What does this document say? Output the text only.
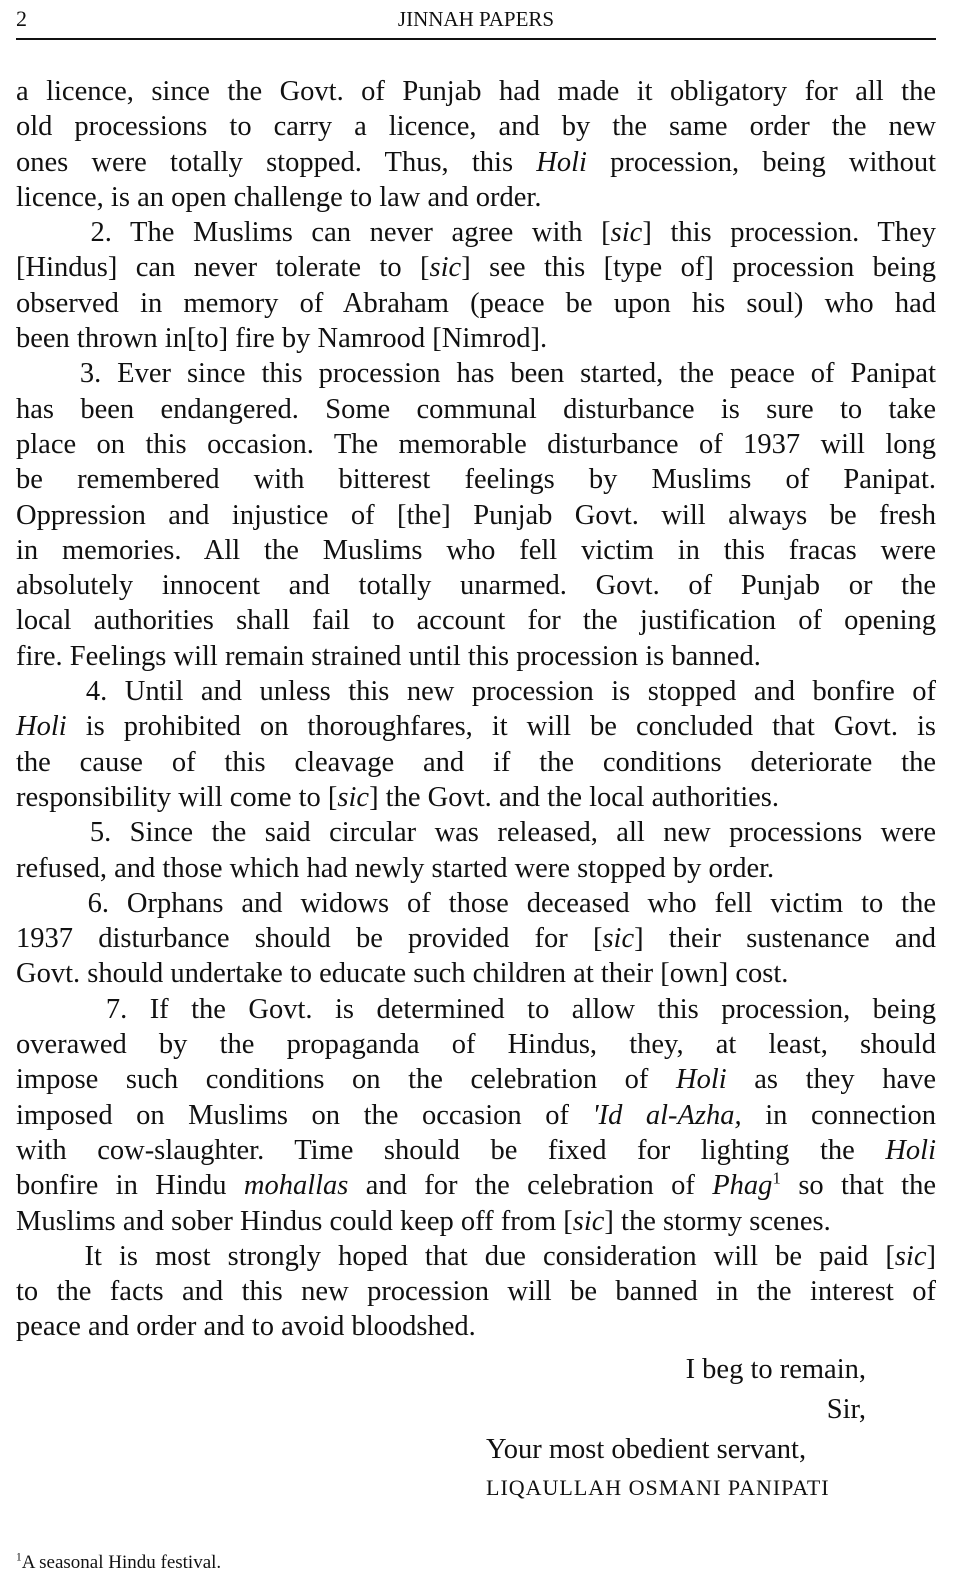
2	JINNAH PAPERS

a licence, since the Govt. of Punjab had made it obligatory for all the
old processions to carry a licence, and by the same order the new
ones were totally stopped. Thus, this Holi procession, being without
licence, is an open challenge to law and order.

2. The Muslims can never agree with [sic] this procession. They
[Hindus] can never tolerate to [sic] see this [type of] procession being
observed in memory of Abraham (peace be upon his soul) who had
been thrown in[to] fire by Namrood [Nimrod].

3. Ever since this procession has been started, the peace of Panipat
has been endangered. Some communal disturbance is sure to take
place on this occasion. The memorable disturbance of 1937 will long
be remembered with bitterest feelings by Muslims of Panipat.
Oppression and injustice of [the] Punjab Govt. will always be fresh
in memories. All the Muslims who fell victim in this fracas were
absolutely innocent and totally unarmed. Govt. of Punjab or the
local authorities shall fail to account for the justification of opening
fire. Feelings will remain strained until this procession is banned.

4. Until and unless this new procession is stopped and bonfire of
Holi is prohibited on thoroughfares, it will be concluded that Govt. is
the cause of this cleavage and if the conditions deteriorate the
responsibility will come to [sic] the Govt. and the local authorities.

5. Since the said circular was released, all new processions were
refused, and those which had newly started were stopped by order.

6. Orphans and widows of those deceased who fell victim to the
1937 disturbance should be provided for [sic] their sustenance and
Govt. should undertake to educate such children at their [own] cost.

7. If the Govt. is determined to allow this procession, being
overawed by the propaganda of Hindus, they, at least, should
impose such conditions on the celebration of Holi as they have
imposed on Muslims on the occasion of 'Id al-Azha, in connection
with cow-slaughter. Time should be fixed for lighting the Holi
bonfire in Hindu mohallas and for the celebration of Phag$^1$ so that the
Muslims and sober Hindus could keep off from [sic] the stormy scenes.

It is most strongly hoped that due consideration will be paid [sic]
to the facts and this new procession will be banned in the interest of
peace and order and to avoid bloodshed.

I beg to remain,
Sir,
Your most obedient servant,
LIQAULLAH OSMANI PANIPATI
$^1$A seasonal Hindu festival.
